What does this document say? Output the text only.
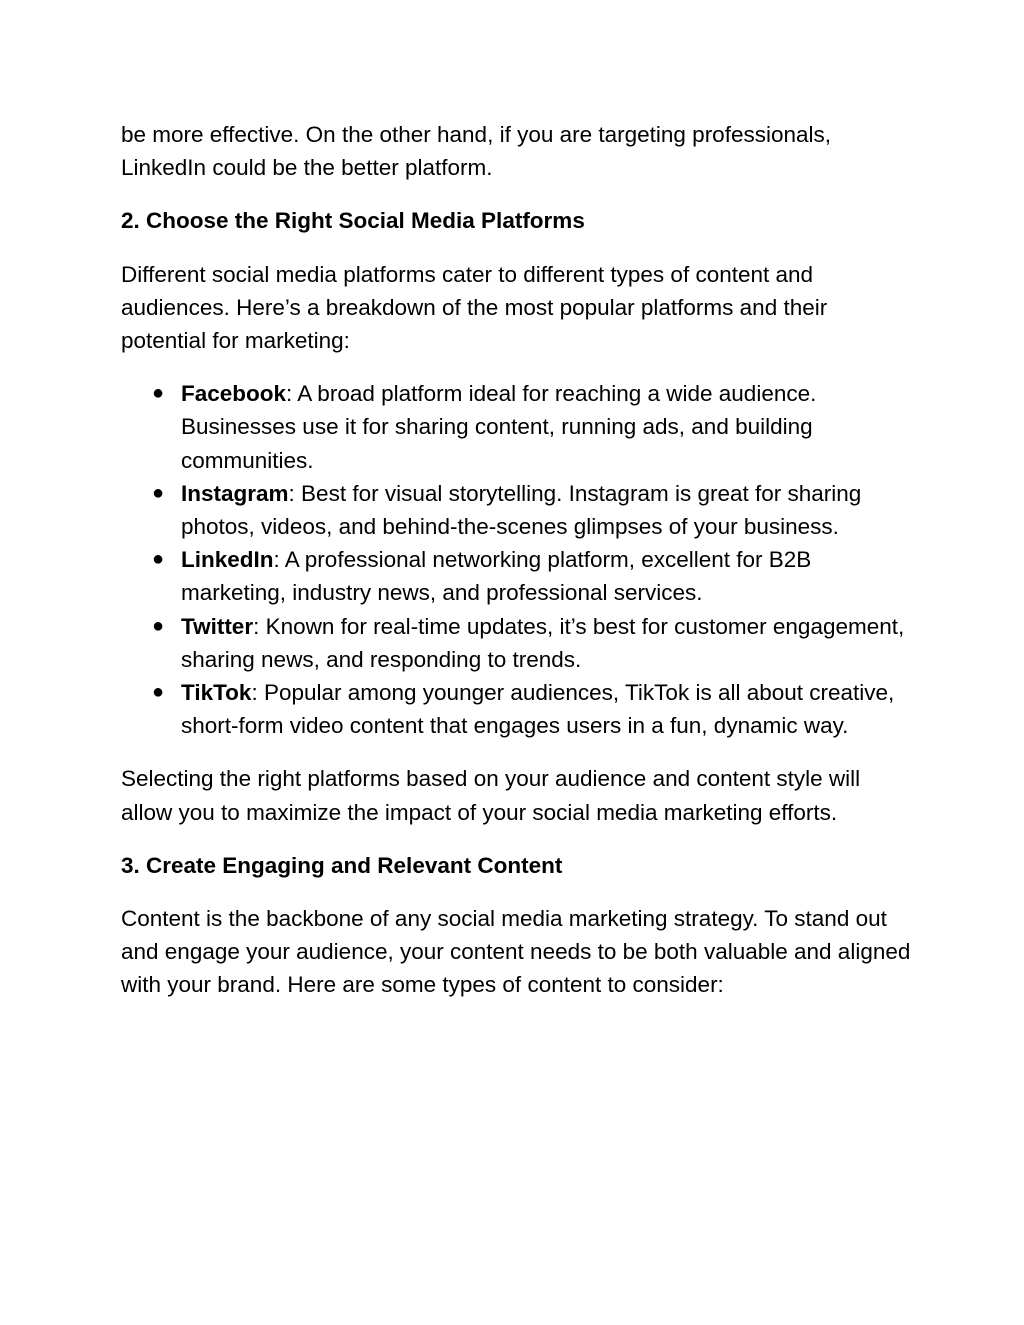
be more effective. On the other hand, if you are targeting professionals, LinkedIn could be the better platform.

2. Choose the Right Social Media Platforms

Different social media platforms cater to different types of content and audiences. Here’s a breakdown of the most popular platforms and their potential for marketing:

● Facebook: A broad platform ideal for reaching a wide audience. Businesses use it for sharing content, running ads, and building communities.
● Instagram: Best for visual storytelling. Instagram is great for sharing photos, videos, and behind-the-scenes glimpses of your business.
● LinkedIn: A professional networking platform, excellent for B2B marketing, industry news, and professional services.
● Twitter: Known for real-time updates, it’s best for customer engagement, sharing news, and responding to trends.
● TikTok: Popular among younger audiences, TikTok is all about creative, short-form video content that engages users in a fun, dynamic way.

Selecting the right platforms based on your audience and content style will allow you to maximize the impact of your social media marketing efforts.

3. Create Engaging and Relevant Content

Content is the backbone of any social media marketing strategy. To stand out and engage your audience, your content needs to be both valuable and aligned with your brand. Here are some types of content to consider:
